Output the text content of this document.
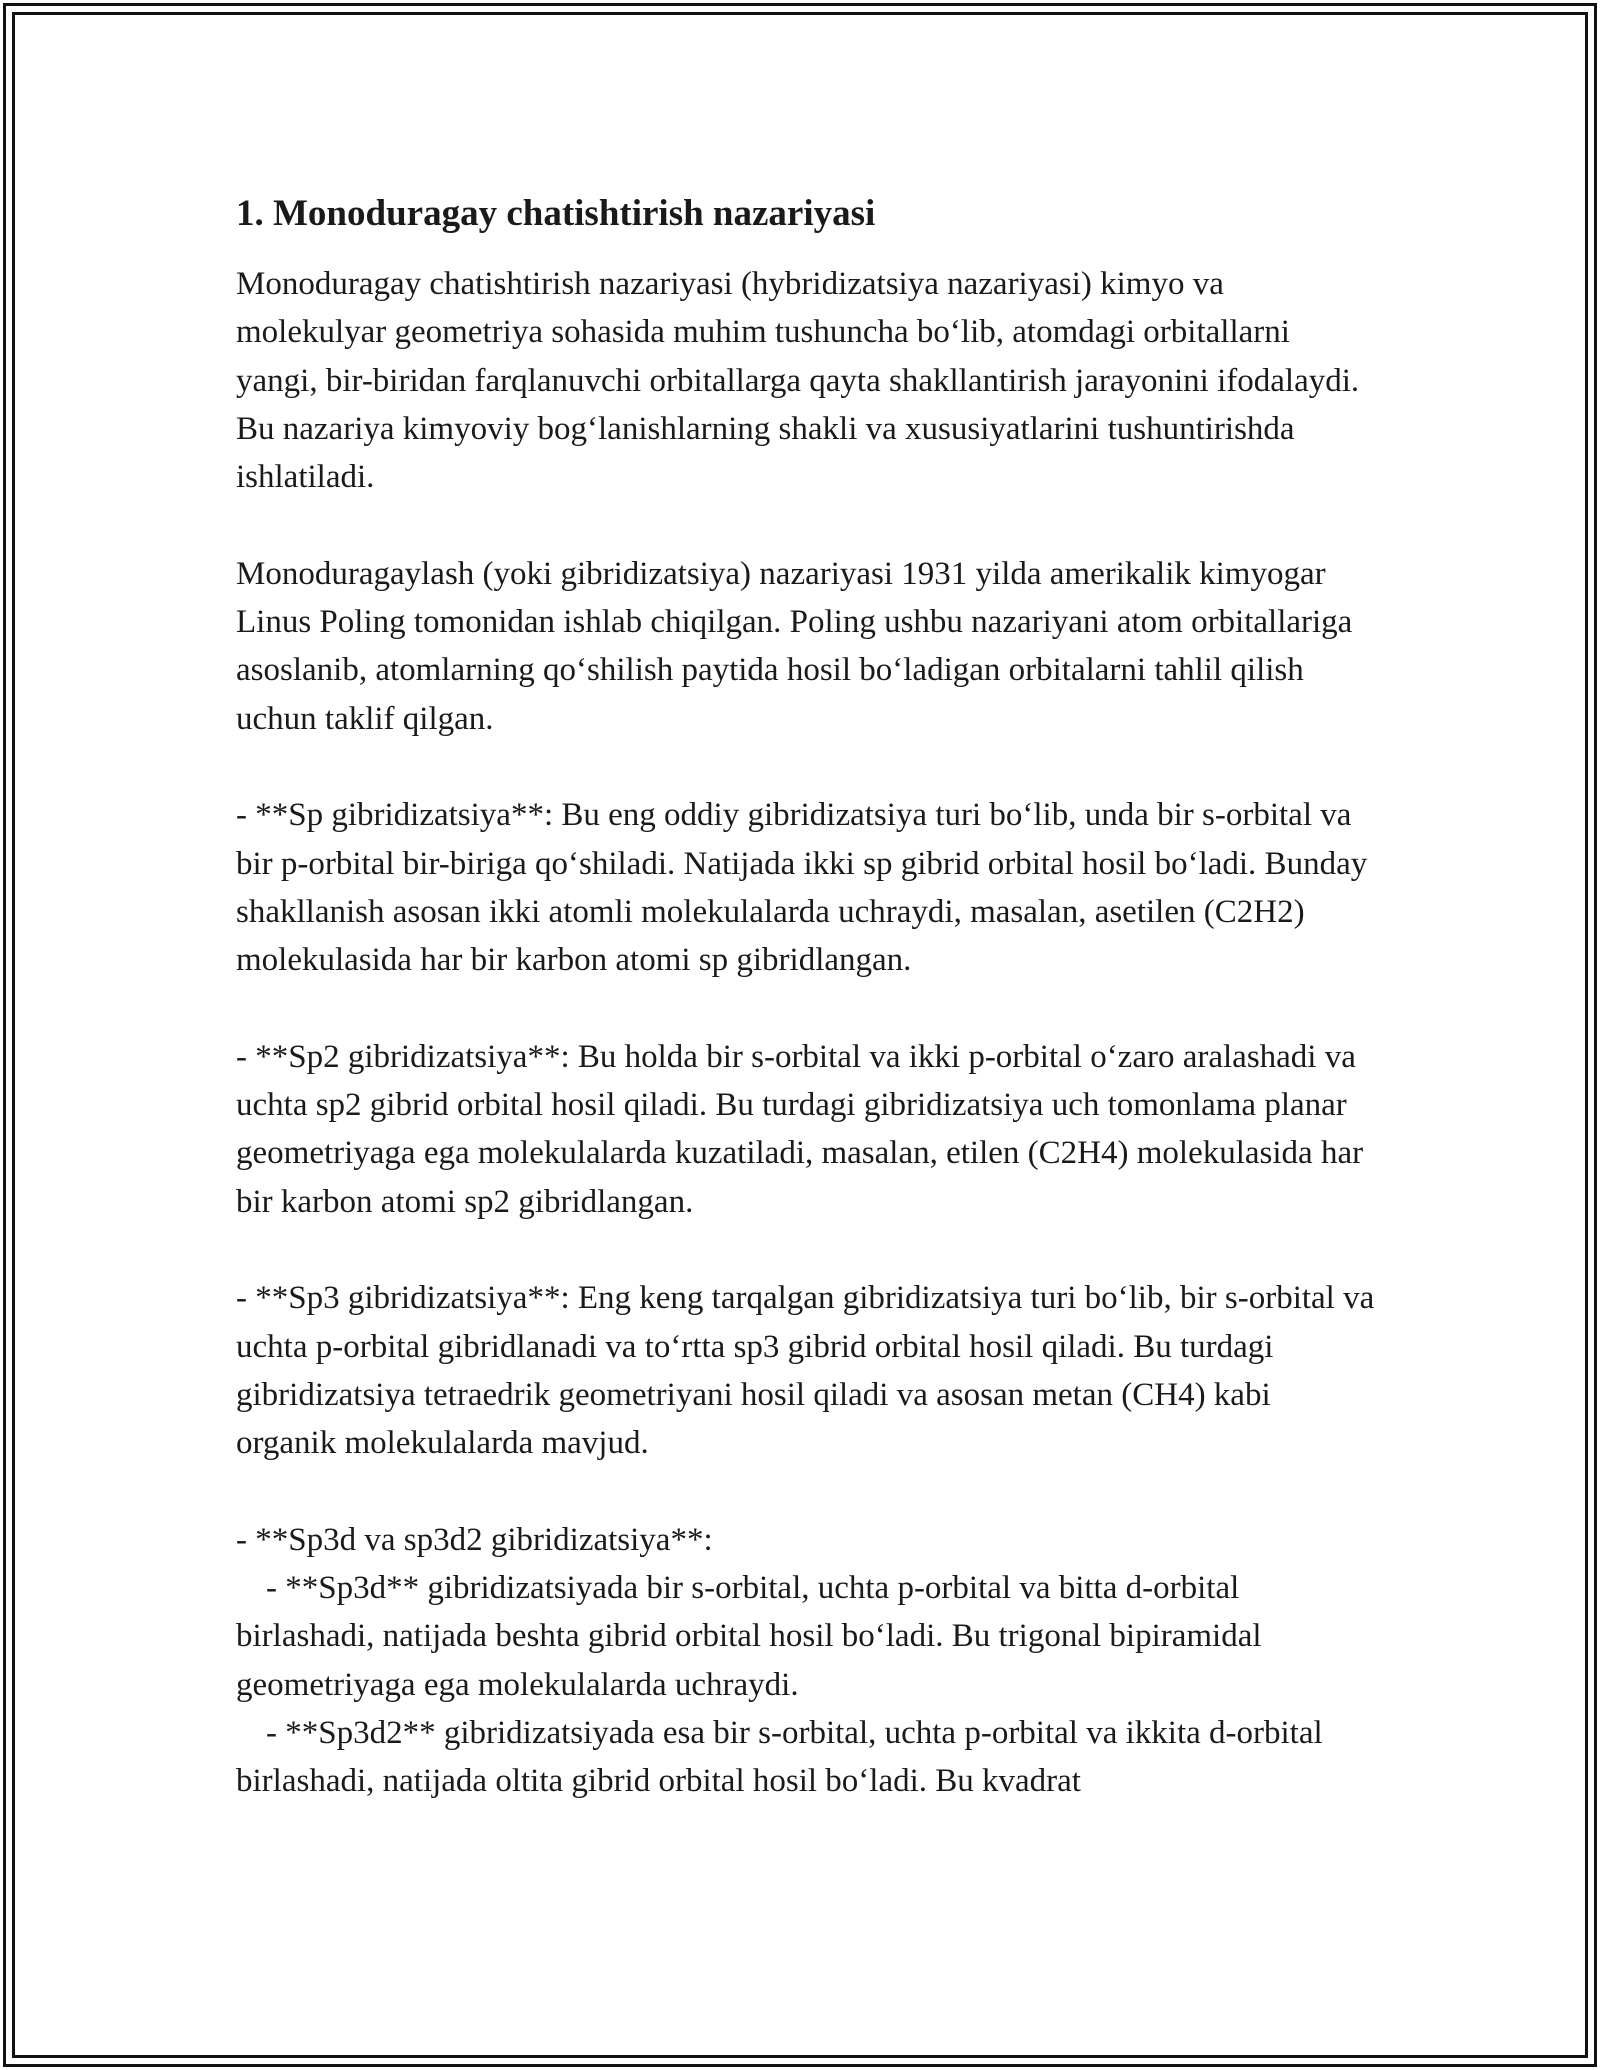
1. Monoduragay chatishtirish nazariyasi

Monoduragay chatishtirish nazariyasi (hybridizatsiya nazariyasi) kimyo va molekulyar geometriya sohasida muhim tushuncha bo‘lib, atomdagi orbitallarni yangi, bir-biridan farqlanuvchi orbitallarga qayta shakllantirish jarayonini ifodalaydi. Bu nazariya kimyoviy bog‘lanishlarning shakli va xususiyatlarini tushuntirishda ishlatiladi.

Monoduragaylash (yoki gibridizatsiya) nazariyasi 1931 yilda amerikalik kimyogar Linus Poling tomonidan ishlab chiqilgan. Poling ushbu nazariyani atom orbitallariga asoslanib, atomlarning qo‘shilish paytida hosil bo‘ladigan orbitalarni tahlil qilish uchun taklif qilgan.

- **Sp gibridizatsiya**: Bu eng oddiy gibridizatsiya turi bo‘lib, unda bir s-orbital va bir p-orbital bir-biriga qo‘shiladi. Natijada ikki sp gibrid orbital hosil bo‘ladi. Bunday shakllanish asosan ikki atomli molekulalarda uchraydi, masalan, asetilen (C2H2) molekulasida har bir karbon atomi sp gibridlangan.

- **Sp2 gibridizatsiya**: Bu holda bir s-orbital va ikki p-orbital o‘zaro aralashadi va uchta sp2 gibrid orbital hosil qiladi. Bu turdagi gibridizatsiya uch tomonlama planar geometriyaga ega molekulalarda kuzatiladi, masalan, etilen (C2H4) molekulasida har bir karbon atomi sp2 gibridlangan.

- **Sp3 gibridizatsiya**: Eng keng tarqalgan gibridizatsiya turi bo‘lib, bir s-orbital va uchta p-orbital gibridlanadi va to‘rtta sp3 gibrid orbital hosil qiladi. Bu turdagi gibridizatsiya tetraedrik geometriyani hosil qiladi va asosan metan (CH4) kabi organik molekulalarda mavjud.

- **Sp3d va sp3d2 gibridizatsiya**:

- **Sp3d** gibridizatsiyada bir s-orbital, uchta p-orbital va bitta d-orbital birlashadi, natijada beshta gibrid orbital hosil bo‘ladi. Bu trigonal bipiramidal geometriyaga ega molekulalarda uchraydi.

- **Sp3d2** gibridizatsiyada esa bir s-orbital, uchta p-orbital va ikkita d-orbital birlashadi, natijada oltita gibrid orbital hosil bo‘ladi. Bu kvadrat
